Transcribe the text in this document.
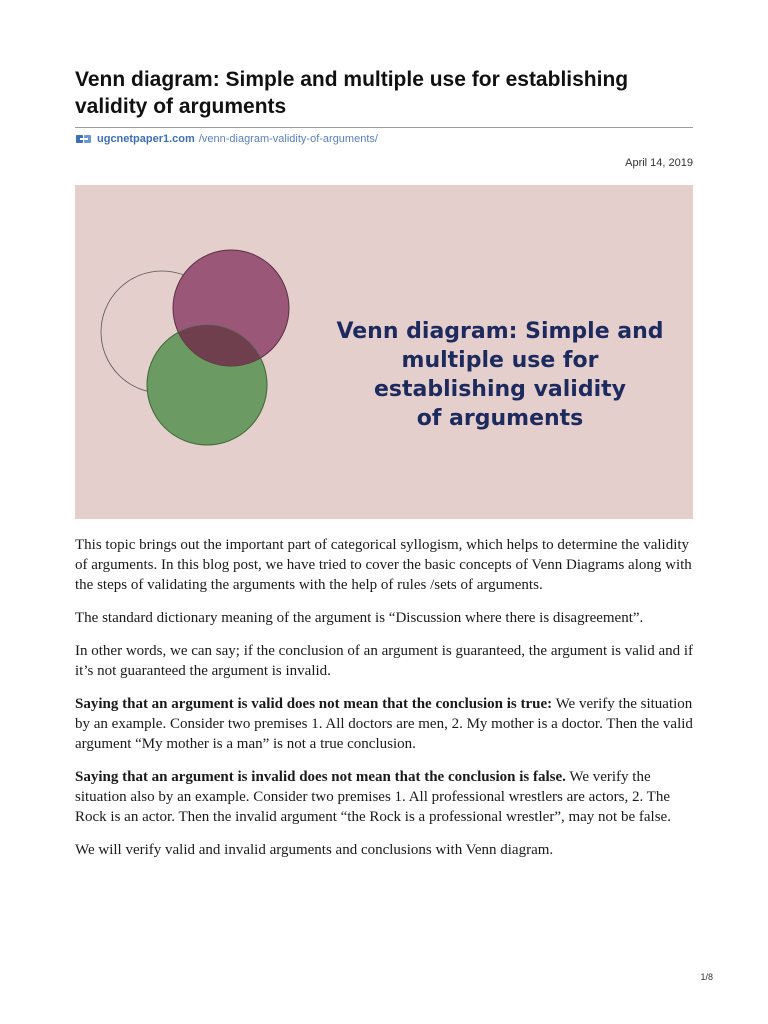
Venn diagram: Simple and multiple use for establishing validity of arguments
ugcnetpaper1.com /venn-diagram-validity-of-arguments/
April 14, 2019
Venn diagram: Simple and
multiple use for
establishing validity
of arguments

This topic brings out the important part of categorical syllogism, which helps to determine the validity of arguments. In this blog post, we have tried to cover the basic concepts of Venn Diagrams along with the steps of validating the arguments with the help of rules /sets of arguments.

The standard dictionary meaning of the argument is “Discussion where there is disagreement”.

In other words, we can say; if the conclusion of an argument is guaranteed, the argument is valid and if it’s not guaranteed the argument is invalid.

Saying that an argument is valid does not mean that the conclusion is true: We verify the situation by an example. Consider two premises 1. All doctors are men, 2. My mother is a doctor. Then the valid argument “My mother is a man” is not a true conclusion.

Saying that an argument is invalid does not mean that the conclusion is false. We verify the situation also by an example. Consider two premises 1. All professional wrestlers are actors, 2. The Rock is an actor. Then the invalid argument “the Rock is a professional wrestler”, may not be false.

We will verify valid and invalid arguments and conclusions with Venn diagram.

1/8
